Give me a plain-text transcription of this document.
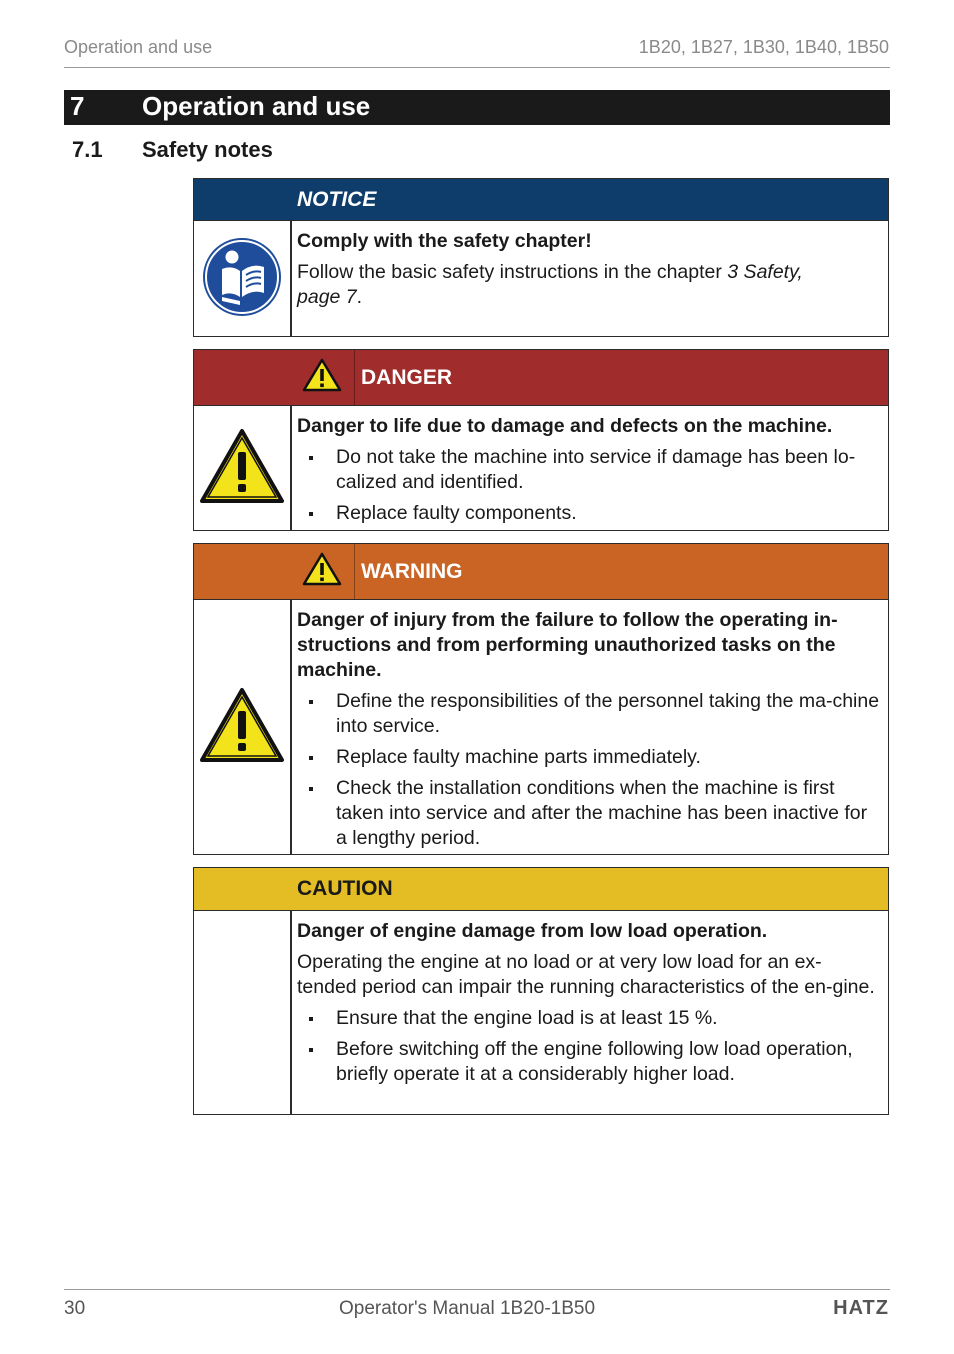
Operation and use	1B20, 1B27, 1B30, 1B40, 1B50
7 Operation and use
7.1 Safety notes
NOTICE

Comply with the safety chapter!

Follow the basic safety instructions in the chapter 3 Safety,
page 7.

DANGER

Danger to life due to damage and defects on the machine.

Do not take the machine into service if damage has been lo-calized and identified.
Replace faulty components.
WARNING

Danger of injury from the failure to follow the operating in-structions and from performing unauthorized tasks on the machine.

Define the responsibilities of the personnel taking the ma-chine into service.
Replace faulty machine parts immediately.
Check the installation conditions when the machine is first taken into service and after the machine has been inactive for a lengthy period.
CAUTION

Danger of engine damage from low load operation.

Operating the engine at no load or at very low load for an ex-tended period can impair the running characteristics of the en-gine.

Ensure that the engine load is at least 15 %.
Before switching off the engine following low load operation, briefly operate it at a considerably higher load.
30	Operator's Manual 1B20-1B50	HATZ
